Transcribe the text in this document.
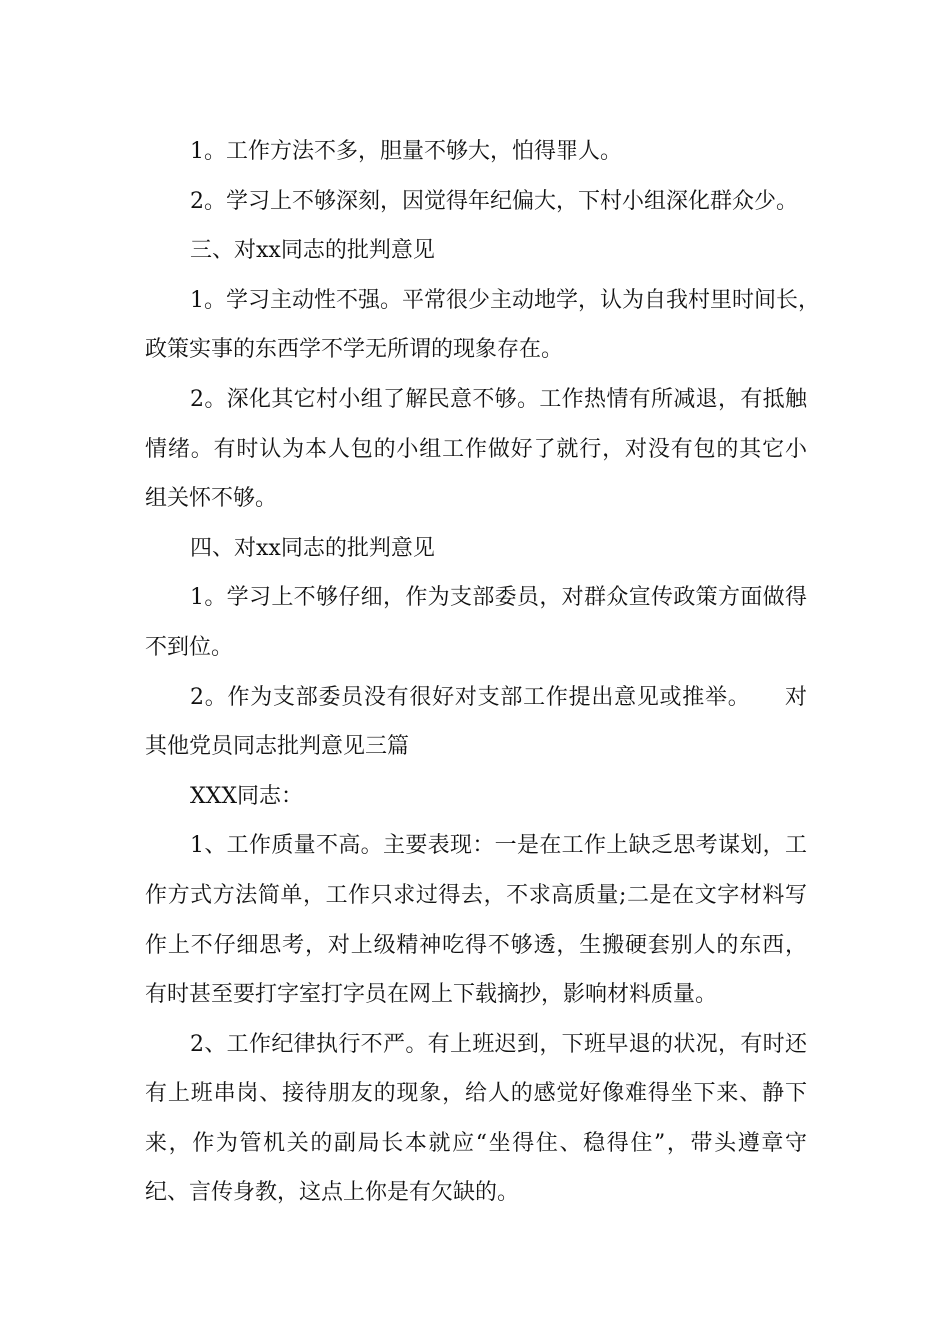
1。工作方法不多，胆量不够大，怕得罪人。
2。学习上不够深刻，因觉得年纪偏大，下村小组深化群众少。
三、对xx同志的批判意见
1。学习主动性不强。平常很少主动地学，认为自我村里时间长，
政策实事的东西学不学无所谓的现象存在。
2。深化其它村小组了解民意不够。工作热情有所减退，有抵触
情绪。有时认为本人包的小组工作做好了就行，对没有包的其它小
组关怀不够。
四、对xx同志的批判意见
1。学习上不够仔细，作为支部委员，对群众宣传政策方面做得
不到位。
2。作为支部委员没有很好对支部工作提出意见或推举。　　对
其他党员同志批判意见三篇
XXX同志：
1、工作质量不高。主要表现：一是在工作上缺乏思考谋划，工
作方式方法简单，工作只求过得去，不求高质量;二是在文字材料写
作上不仔细思考，对上级精神吃得不够透，生搬硬套别人的东西，
有时甚至要打字室打字员在网上下载摘抄，影响材料质量。
2、工作纪律执行不严。有上班迟到，下班早退的状况，有时还
有上班串岗、接待朋友的现象，给人的感觉好像难得坐下来、静下
来，作为管机关的副局长本就应“坐得住、稳得住”，带头遵章守
纪、言传身教，这点上你是有欠缺的。
